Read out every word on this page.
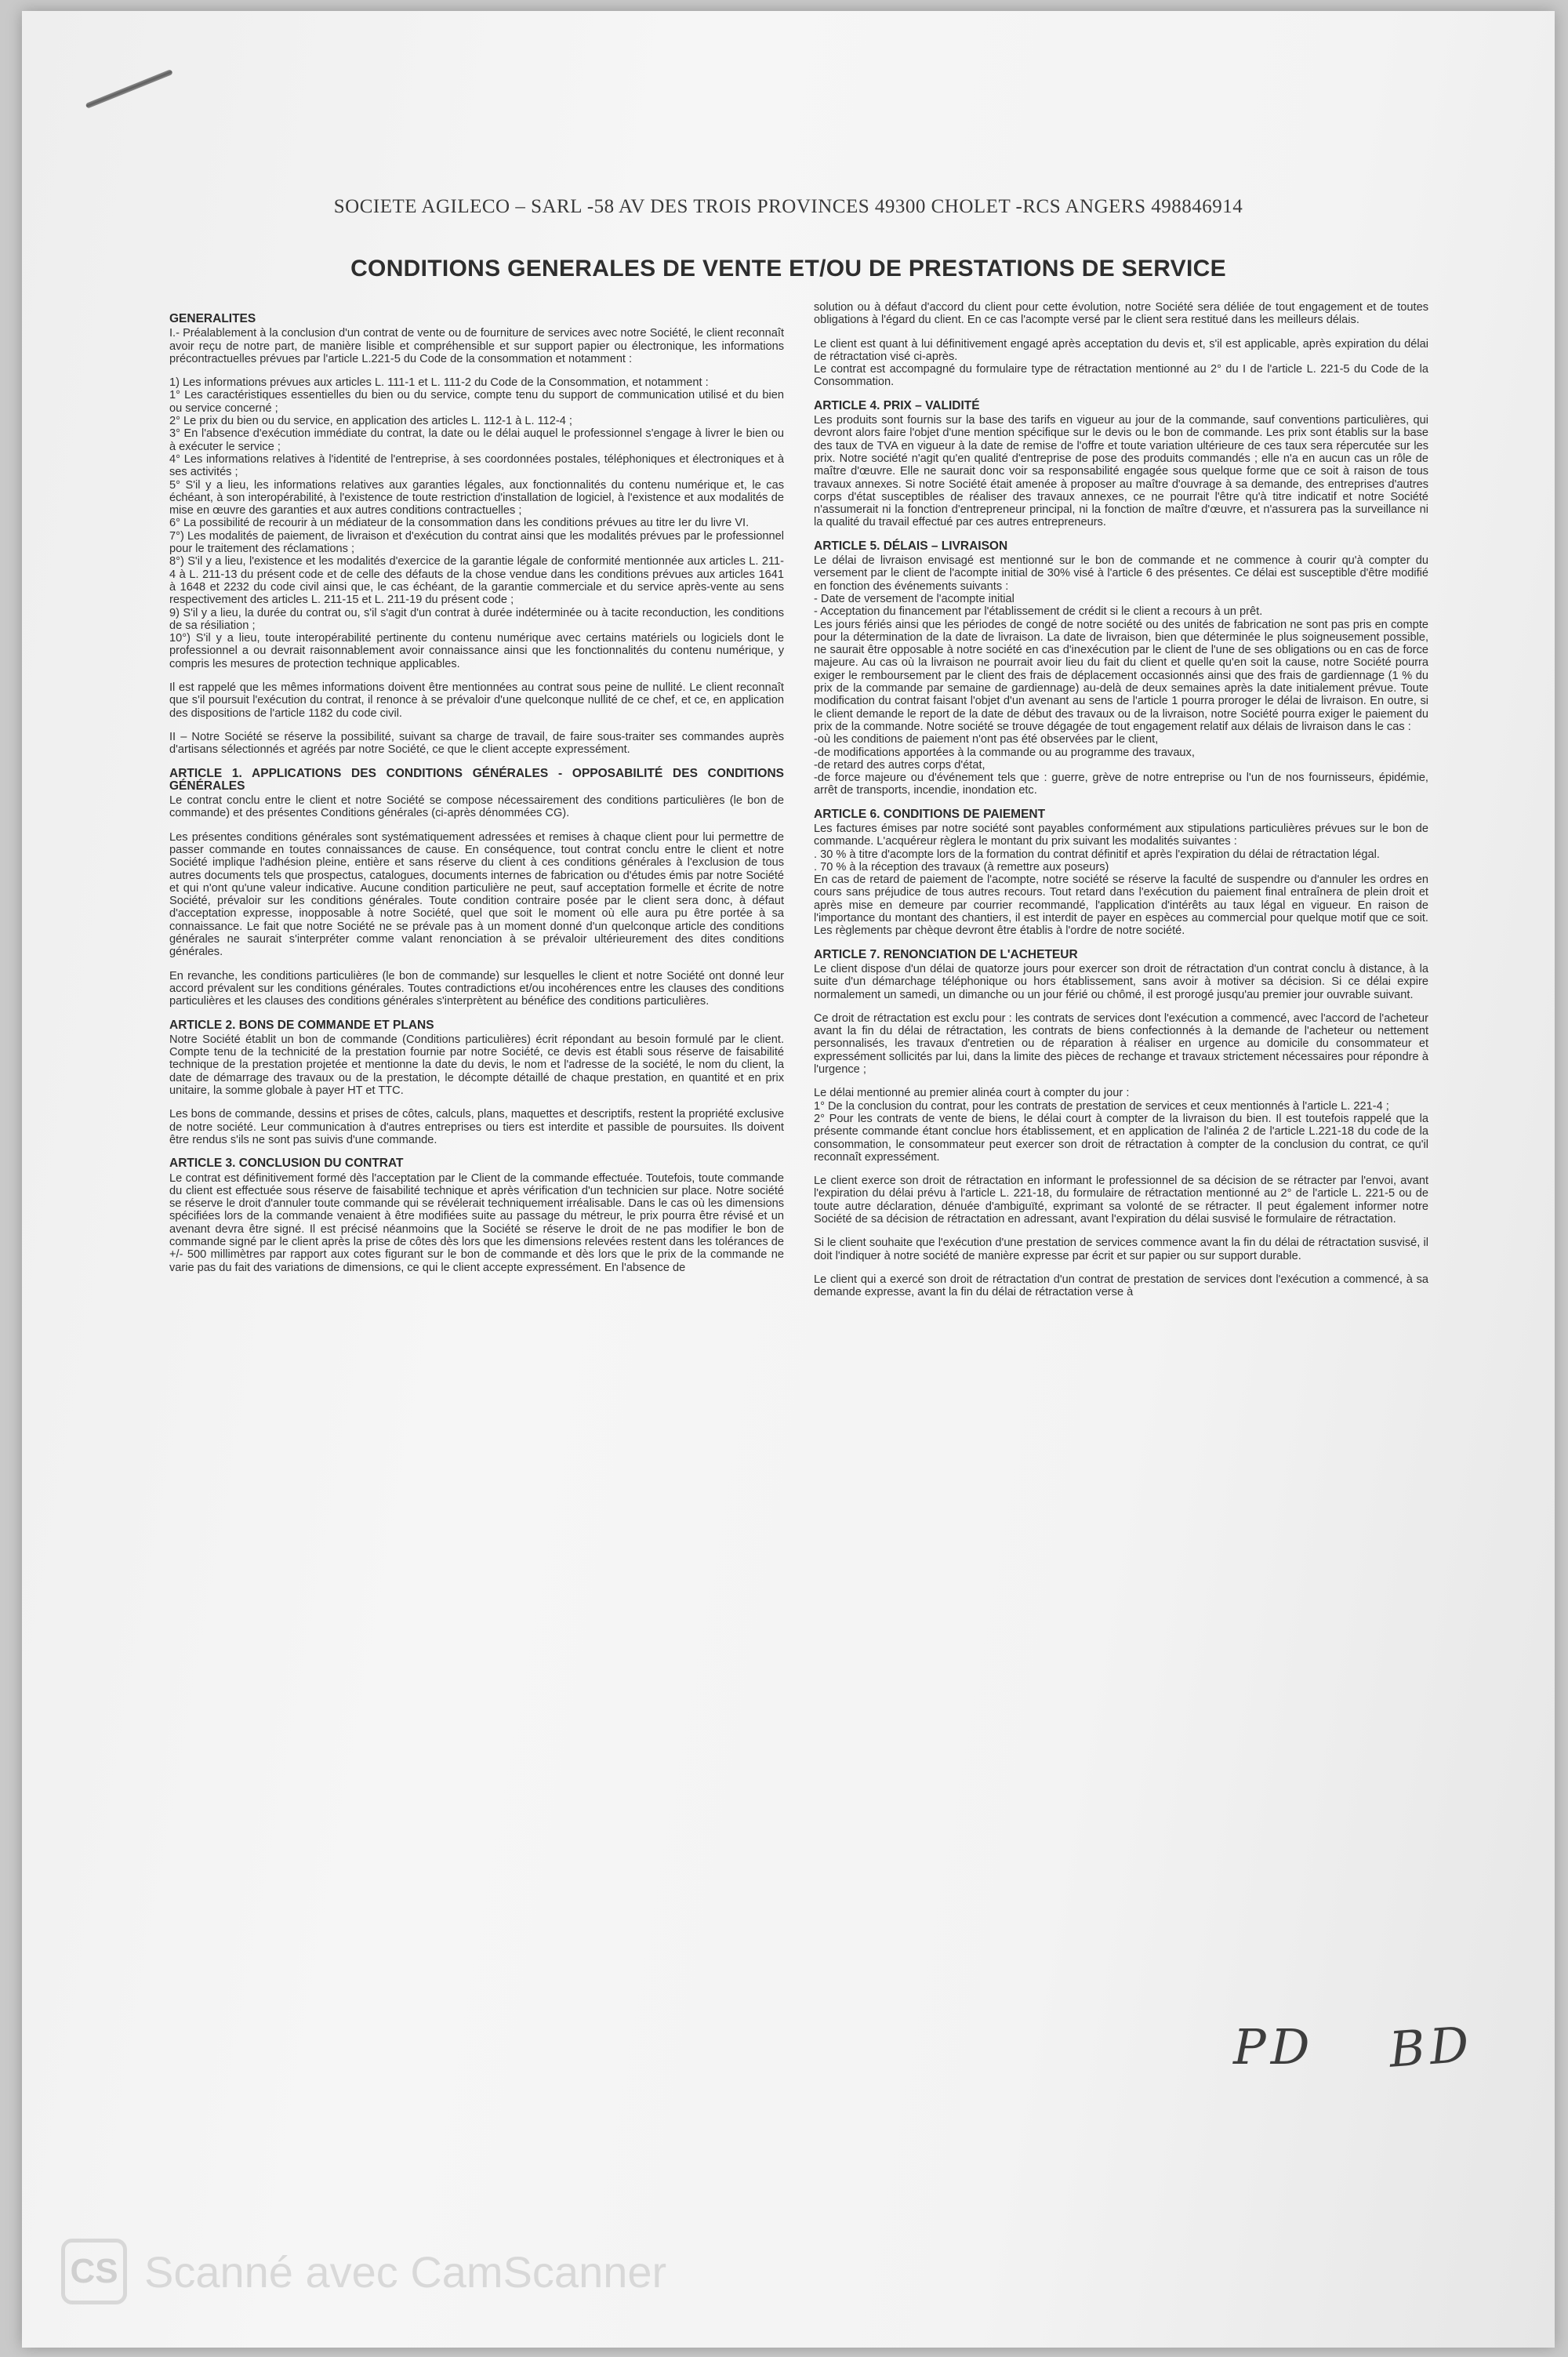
SOCIETE AGILECO – SARL -58 AV DES TROIS PROVINCES 49300 CHOLET -RCS ANGERS 498846914
CONDITIONS GENERALES DE VENTE ET/OU DE PRESTATIONS DE SERVICE
GENERALITES

I.- Préalablement à la conclusion d'un contrat de vente ou de fourniture de services avec notre Société, le client reconnaît avoir reçu de notre part, de manière lisible et compréhensible et sur support papier ou électronique, les informations précontractuelles prévues par l'article L.221-5 du Code de la consommation et notamment :

1) Les informations prévues aux articles L. 111-1 et L. 111-2 du Code de la Consommation, et notamment :
1° Les caractéristiques essentielles du bien ou du service, compte tenu du support de communication utilisé et du bien ou service concerné ;
2° Le prix du bien ou du service, en application des articles L. 112-1 à L. 112-4 ;
3° En l'absence d'exécution immédiate du contrat, la date ou le délai auquel le professionnel s'engage à livrer le bien ou à exécuter le service ;
4° Les informations relatives à l'identité de l'entreprise, à ses coordonnées postales, téléphoniques et électroniques et à ses activités ;
5° S'il y a lieu, les informations relatives aux garanties légales, aux fonctionnalités du contenu numérique et, le cas échéant, à son interopérabilité, à l'existence de toute restriction d'installation de logiciel, à l'existence et aux modalités de mise en œuvre des garanties et aux autres conditions contractuelles ;
6° La possibilité de recourir à un médiateur de la consommation dans les conditions prévues au titre Ier du livre VI.
7°) Les modalités de paiement, de livraison et d'exécution du contrat ainsi que les modalités prévues par le professionnel pour le traitement des réclamations ;
8°) S'il y a lieu, l'existence et les modalités d'exercice de la garantie légale de conformité mentionnée aux articles L. 211-4 à L. 211-13 du présent code et de celle des défauts de la chose vendue dans les conditions prévues aux articles 1641 à 1648 et 2232 du code civil ainsi que, le cas échéant, de la garantie commerciale et du service après-vente au sens respectivement des articles L. 211-15 et L. 211-19 du présent code ;
9) S'il y a lieu, la durée du contrat ou, s'il s'agit d'un contrat à durée indéterminée ou à tacite reconduction, les conditions de sa résiliation ;
10°) S'il y a lieu, toute interopérabilité pertinente du contenu numérique avec certains matériels ou logiciels dont le professionnel a ou devrait raisonnablement avoir connaissance ainsi que les fonctionnalités du contenu numérique, y compris les mesures de protection technique applicables.

Il est rappelé que les mêmes informations doivent être mentionnées au contrat sous peine de nullité. Le client reconnaît que s'il poursuit l'exécution du contrat, il renonce à se prévaloir d'une quelconque nullité de ce chef, et ce, en application des dispositions de l'article 1182 du code civil.

II – Notre Société se réserve la possibilité, suivant sa charge de travail, de faire sous-traiter ses commandes auprès d'artisans sélectionnés et agréés par notre Société, ce que le client accepte expressément.

ARTICLE 1. APPLICATIONS DES CONDITIONS GÉNÉRALES - OPPOSABILITÉ DES CONDITIONS GÉNÉRALES

Le contrat conclu entre le client et notre Société se compose nécessairement des conditions particulières (le bon de commande) et des présentes Conditions générales (ci-après dénommées CG).

Les présentes conditions générales sont systématiquement adressées et remises à chaque client pour lui permettre de passer commande en toutes connaissances de cause. En conséquence, tout contrat conclu entre le client et notre Société implique l'adhésion pleine, entière et sans réserve du client à ces conditions générales à l'exclusion de tous autres documents tels que prospectus, catalogues, documents internes de fabrication ou d'études émis par notre Société et qui n'ont qu'une valeur indicative. Aucune condition particulière ne peut, sauf acceptation formelle et écrite de notre Société, prévaloir sur les conditions générales. Toute condition contraire posée par le client sera donc, à défaut d'acceptation expresse, inopposable à notre Société, quel que soit le moment où elle aura pu être portée à sa connaissance. Le fait que notre Société ne se prévale pas à un moment donné d'un quelconque article des conditions générales ne saurait s'interpréter comme valant renonciation à se prévaloir ultérieurement des dites conditions générales.

En revanche, les conditions particulières (le bon de commande) sur lesquelles le client et notre Société ont donné leur accord prévalent sur les conditions générales. Toutes contradictions et/ou incohérences entre les clauses des conditions particulières et les clauses des conditions générales s'interprètent au bénéfice des conditions particulières.

ARTICLE 2. BONS DE COMMANDE ET PLANS

Notre Société établit un bon de commande (Conditions particulières) écrit répondant au besoin formulé par le client. Compte tenu de la technicité de la prestation fournie par notre Société, ce devis est établi sous réserve de faisabilité technique de la prestation projetée et mentionne la date du devis, le nom et l'adresse de la société, le nom du client, la date de démarrage des travaux ou de la prestation, le décompte détaillé de chaque prestation, en quantité et en prix unitaire, la somme globale à payer HT et TTC.

Les bons de commande, dessins et prises de côtes, calculs, plans, maquettes et descriptifs, restent la propriété exclusive de notre société. Leur communication à d'autres entreprises ou tiers est interdite et passible de poursuites. Ils doivent être rendus s'ils ne sont pas suivis d'une commande.

ARTICLE 3. CONCLUSION DU CONTRAT

Le contrat est définitivement formé dès l'acceptation par le Client de la commande effectuée. Toutefois, toute commande du client est effectuée sous réserve de faisabilité technique et après vérification d'un technicien sur place. Notre société se réserve le droit d'annuler toute commande qui se révélerait techniquement irréalisable. Dans le cas où les dimensions spécifiées lors de la commande venaient à être modifiées suite au passage du métreur, le prix pourra être révisé et un avenant devra être signé. Il est précisé néanmoins que la Société se réserve le droit de ne pas modifier le bon de commande signé par le client après la prise de côtes dès lors que les dimensions relevées restent dans les tolérances de +/- 500 millimètres par rapport aux cotes figurant sur le bon de commande et dès lors que le prix de la commande ne varie pas du fait des variations de dimensions, ce qui le client accepte expressément. En l'absence de

solution ou à défaut d'accord du client pour cette évolution, notre Société sera déliée de tout engagement et de toutes obligations à l'égard du client. En ce cas l'acompte versé par le client sera restitué dans les meilleurs délais.

Le client est quant à lui définitivement engagé après acceptation du devis et, s'il est applicable, après expiration du délai de rétractation visé ci-après.
Le contrat est accompagné du formulaire type de rétractation mentionné au 2° du I de l'article L. 221-5 du Code de la Consommation.

ARTICLE 4. PRIX – VALIDITÉ

Les produits sont fournis sur la base des tarifs en vigueur au jour de la commande, sauf conventions particulières, qui devront alors faire l'objet d'une mention spécifique sur le devis ou le bon de commande. Les prix sont établis sur la base des taux de TVA en vigueur à la date de remise de l'offre et toute variation ultérieure de ces taux sera répercutée sur les prix. Notre société n'agit qu'en qualité d'entreprise de pose des produits commandés ; elle n'a en aucun cas un rôle de maître d'œuvre. Elle ne saurait donc voir sa responsabilité engagée sous quelque forme que ce soit à raison de tous travaux annexes. Si notre Société était amenée à proposer au maître d'ouvrage à sa demande, des entreprises d'autres corps d'état susceptibles de réaliser des travaux annexes, ce ne pourrait l'être qu'à titre indicatif et notre Société n'assumerait ni la fonction d'entrepreneur principal, ni la fonction de maître d'œuvre, et n'assurera pas la surveillance ni la qualité du travail effectué par ces autres entrepreneurs.

ARTICLE 5. DÉLAIS – LIVRAISON

Le délai de livraison envisagé est mentionné sur le bon de commande et ne commence à courir qu'à compter du versement par le client de l'acompte initial de 30% visé à l'article 6 des présentes. Ce délai est susceptible d'être modifié en fonction des événements suivants :
- Date de versement de l'acompte initial
- Acceptation du financement par l'établissement de crédit si le client a recours à un prêt.
Les jours fériés ainsi que les périodes de congé de notre société ou des unités de fabrication ne sont pas pris en compte pour la détermination de la date de livraison. La date de livraison, bien que déterminée le plus soigneusement possible, ne saurait être opposable à notre société en cas d'inexécution par le client de l'une de ses obligations ou en cas de force majeure. Au cas où la livraison ne pourrait avoir lieu du fait du client et quelle qu'en soit la cause, notre Société pourra exiger le remboursement par le client des frais de déplacement occasionnés ainsi que des frais de gardiennage (1 % du prix de la commande par semaine de gardiennage) au-delà de deux semaines après la date initialement prévue. Toute modification du contrat faisant l'objet d'un avenant au sens de l'article 1 pourra proroger le délai de livraison. En outre, si le client demande le report de la date de début des travaux ou de la livraison, notre Société pourra exiger le paiement du prix de la commande. Notre société se trouve dégagée de tout engagement relatif aux délais de livraison dans le cas :
-où les conditions de paiement n'ont pas été observées par le client,
-de modifications apportées à la commande ou au programme des travaux,
-de retard des autres corps d'état,
-de force majeure ou d'événement tels que : guerre, grève de notre entreprise ou l'un de nos fournisseurs, épidémie, arrêt de transports, incendie, inondation etc.

ARTICLE 6. CONDITIONS DE PAIEMENT

Les factures émises par notre société sont payables conformément aux stipulations particulières prévues sur le bon de commande. L'acquéreur règlera le montant du prix suivant les modalités suivantes :
. 30 % à titre d'acompte lors de la formation du contrat définitif et après l'expiration du délai de rétractation légal.
. 70 % à la réception des travaux (à remettre aux poseurs)
En cas de retard de paiement de l'acompte, notre société se réserve la faculté de suspendre ou d'annuler les ordres en cours sans préjudice de tous autres recours. Tout retard dans l'exécution du paiement final entraînera de plein droit et après mise en demeure par courrier recommandé, l'application d'intérêts au taux légal en vigueur. En raison de l'importance du montant des chantiers, il est interdit de payer en espèces au commercial pour quelque motif que ce soit. Les règlements par chèque devront être établis à l'ordre de notre société.

ARTICLE 7. RENONCIATION DE L'ACHETEUR

Le client dispose d'un délai de quatorze jours pour exercer son droit de rétractation d'un contrat conclu à distance, à la suite d'un démarchage téléphonique ou hors établissement, sans avoir à motiver sa décision. Si ce délai expire normalement un samedi, un dimanche ou un jour férié ou chômé, il est prorogé jusqu'au premier jour ouvrable suivant.

Ce droit de rétractation est exclu pour : les contrats de services dont l'exécution a commencé, avec l'accord de l'acheteur avant la fin du délai de rétractation, les contrats de biens confectionnés à la demande de l'acheteur ou nettement personnalisés, les travaux d'entretien ou de réparation à réaliser en urgence au domicile du consommateur et expressément sollicités par lui, dans la limite des pièces de rechange et travaux strictement nécessaires pour répondre à l'urgence ;

Le délai mentionné au premier alinéa court à compter du jour :
1° De la conclusion du contrat, pour les contrats de prestation de services et ceux mentionnés à l'article L. 221-4 ;
2° Pour les contrats de vente de biens, le délai court à compter de la livraison du bien. Il est toutefois rappelé que la présente commande étant conclue hors établissement, et en application de l'alinéa 2 de l'article L.221-18 du code de la consommation, le consommateur peut exercer son droit de rétractation à compter de la conclusion du contrat, ce qu'il reconnaît expressément.

Le client exerce son droit de rétractation en informant le professionnel de sa décision de se rétracter par l'envoi, avant l'expiration du délai prévu à l'article L. 221-18, du formulaire de rétractation mentionné au 2° de l'article L. 221-5 ou de toute autre déclaration, dénuée d'ambiguïté, exprimant sa volonté de se rétracter. Il peut également informer notre Société de sa décision de rétractation en adressant, avant l'expiration du délai susvisé le formulaire de rétractation.

Si le client souhaite que l'exécution d'une prestation de services commence avant la fin du délai de rétractation susvisé, il doit l'indiquer à notre société de manière expresse par écrit et sur papier ou sur support durable.

Le client qui a exercé son droit de rétractation d'un contrat de prestation de services dont l'exécution a commencé, à sa demande expresse, avant la fin du délai de rétractation verse à

PD BD
CS Scanné avec CamScanner
